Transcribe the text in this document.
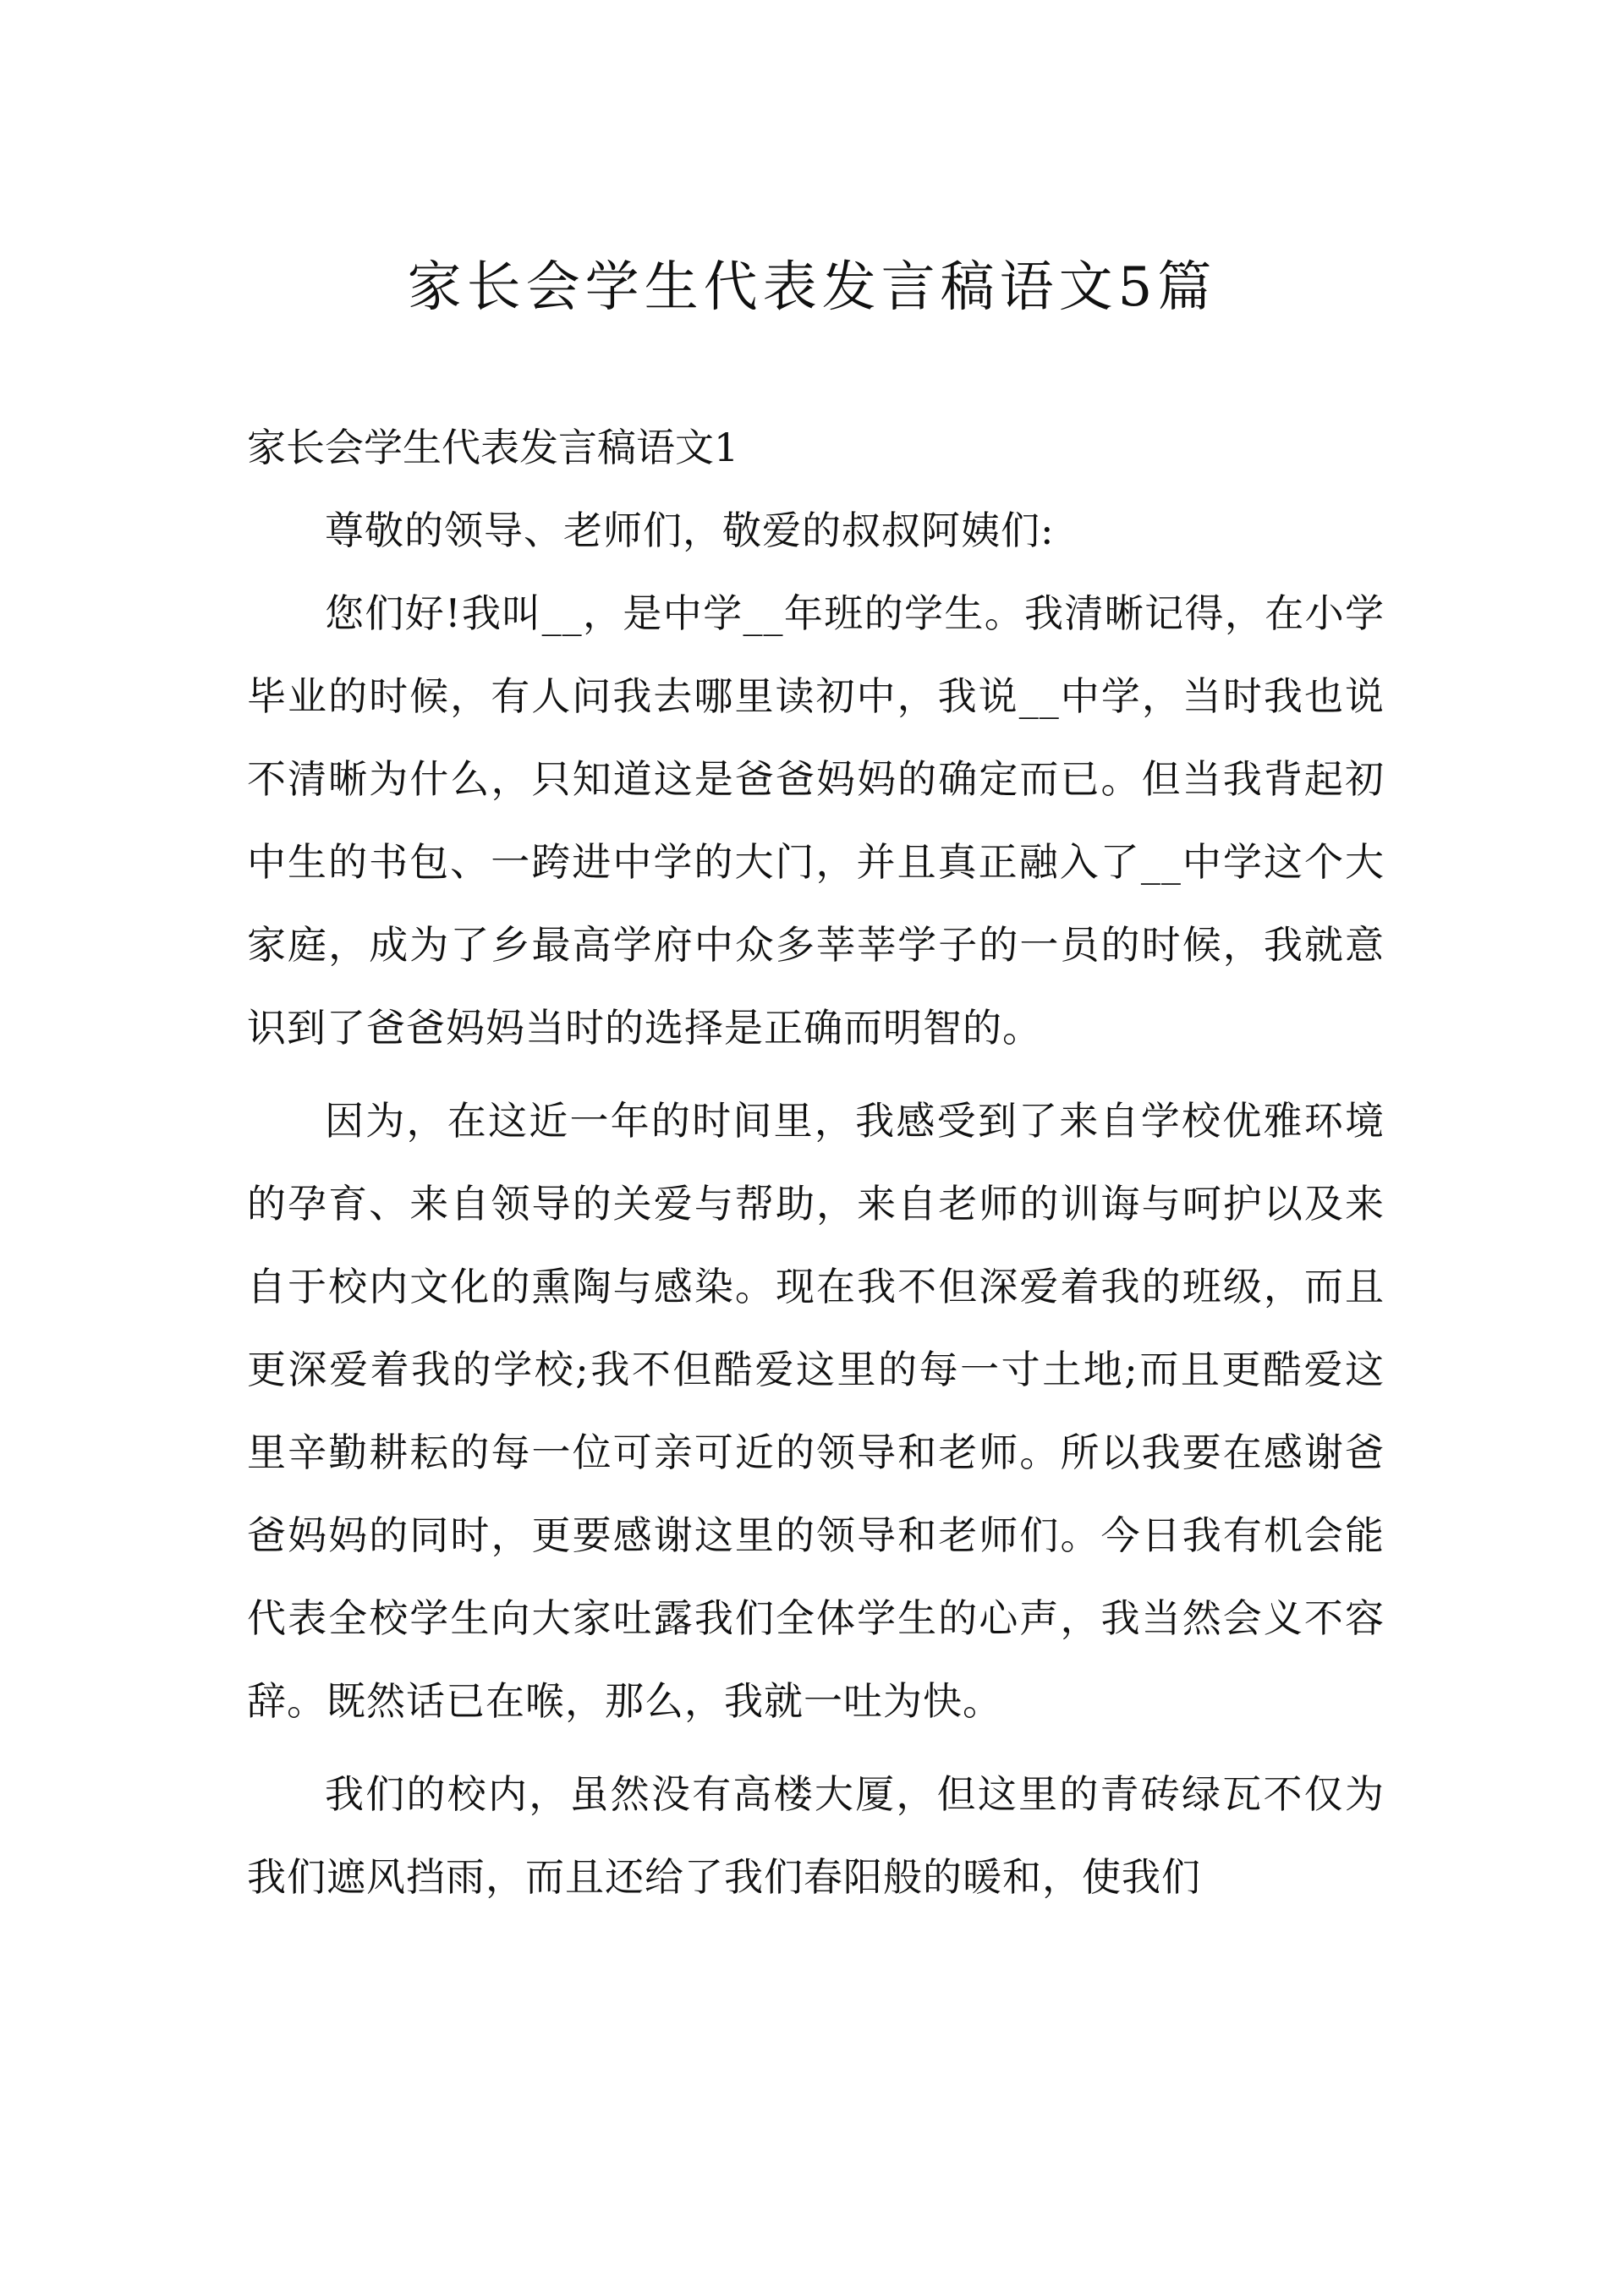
家长会学生代表发言稿语文5篇
家长会学生代表发言稿语文1

尊敬的领导、老师们，敬爱的叔叔阿姨们:

您们好!我叫__，是中学__年班的学生。我清晰记得，在小学毕业的时候，有人问我去哪里读初中，我说__中学，当时我也说不清晰为什么，只知道这是爸爸妈妈的确定而已。但当我背起初中生的书包、一跨进中学的大门，并且真正融入了__中学这个大家庭，成为了乡最高学府中众多莘莘学子的一员的时候，我就意识到了爸爸妈妈当时的选择是正确而明智的。

因为，在这近一年的时间里，我感受到了来自学校优雅环境的孕育、来自领导的关爱与帮助，来自老师的训诲与呵护以及来自于校内文化的熏陶与感染。现在我不但深爱着我的班级，而且更深爱着我的学校;我不但酷爱这里的每一寸土地;而且更酷爱这里辛勤耕耘的每一位可亲可近的领导和老师。所以我要在感谢爸爸妈妈的同时，更要感谢这里的领导和老师们。今日我有机会能代表全校学生向大家吐露我们全体学生的心声，我当然会义不容辞。既然话已在喉，那么，我就一吐为快。

我们的校内，虽然没有高楼大厦，但这里的青砖绿瓦不仅为我们遮风挡雨，而且还给了我们春阳般的暖和，使我们
